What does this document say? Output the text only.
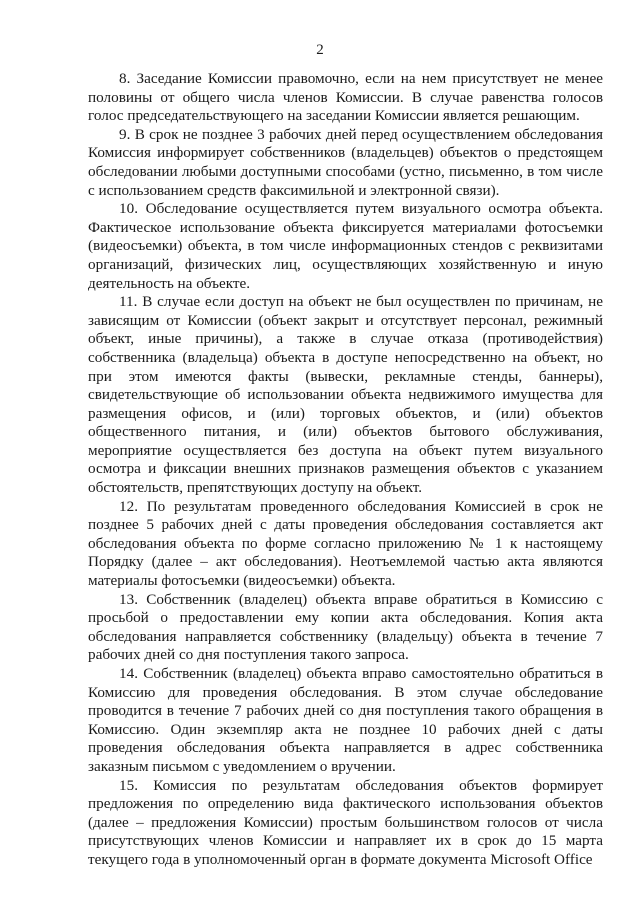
2

8. Заседание Комиссии правомочно, если на нем присутствует не менее половины от общего числа членов Комиссии. В случае равенства голосов голос председательствующего на заседании Комиссии является решающим.

9. В срок не позднее 3 рабочих дней перед осуществлением обследования Комиссия информирует собственников (владельцев) объектов о предстоящем обследовании любыми доступными способами (устно, письменно, в том числе с использованием средств факсимильной и электронной связи).

10. Обследование осуществляется путем визуального осмотра объекта. Фактическое использование объекта фиксируется материалами фотосъемки (видеосъемки) объекта, в том числе информационных стендов с реквизитами организаций, физических лиц, осуществляющих хозяйственную и иную деятельность на объекте.

11. В случае если доступ на объект не был осуществлен по причинам, не зависящим от Комиссии (объект закрыт и отсутствует персонал, режимный объект, иные причины), а также в случае отказа (противодействия) собственника (владельца) объекта в доступе непосредственно на объект, но при этом имеются факты (вывески, рекламные стенды, баннеры), свидетельствующие об использовании объекта недвижимого имущества для размещения офисов, и (или) торговых объектов, и (или) объектов общественного питания, и (или) объектов бытового обслуживания, мероприятие осуществляется без доступа на объект путем визуального осмотра и фиксации внешних признаков размещения объектов с указанием обстоятельств, препятствующих доступу на объект.

12. По результатам проведенного обследования Комиссией в срок не позднее 5 рабочих дней с даты проведения обследования составляется акт обследования объекта по форме согласно приложению № 1 к настоящему Порядку (далее – акт обследования). Неотъемлемой частью акта являются материалы фотосъемки (видеосъемки) объекта.

13. Собственник (владелец) объекта вправе обратиться в Комиссию с просьбой о предоставлении ему копии акта обследования. Копия акта обследования направляется собственнику (владельцу) объекта в течение 7 рабочих дней со дня поступления такого запроса.

14. Собственник (владелец) объекта вправо самостоятельно обратиться в Комиссию для проведения обследования. В этом случае обследование проводится в течение 7 рабочих дней со дня поступления такого обращения в Комиссию. Один экземпляр акта не позднее 10 рабочих дней с даты проведения обследования объекта направляется в адрес собственника заказным письмом с уведомлением о вручении.

15. Комиссия по результатам обследования объектов формирует предложения по определению вида фактического использования объектов (далее – предложения Комиссии) простым большинством голосов от числа присутствующих членов Комиссии и направляет их в срок до 15 марта текущего года в уполномоченный орган в формате документа Microsoft Office
